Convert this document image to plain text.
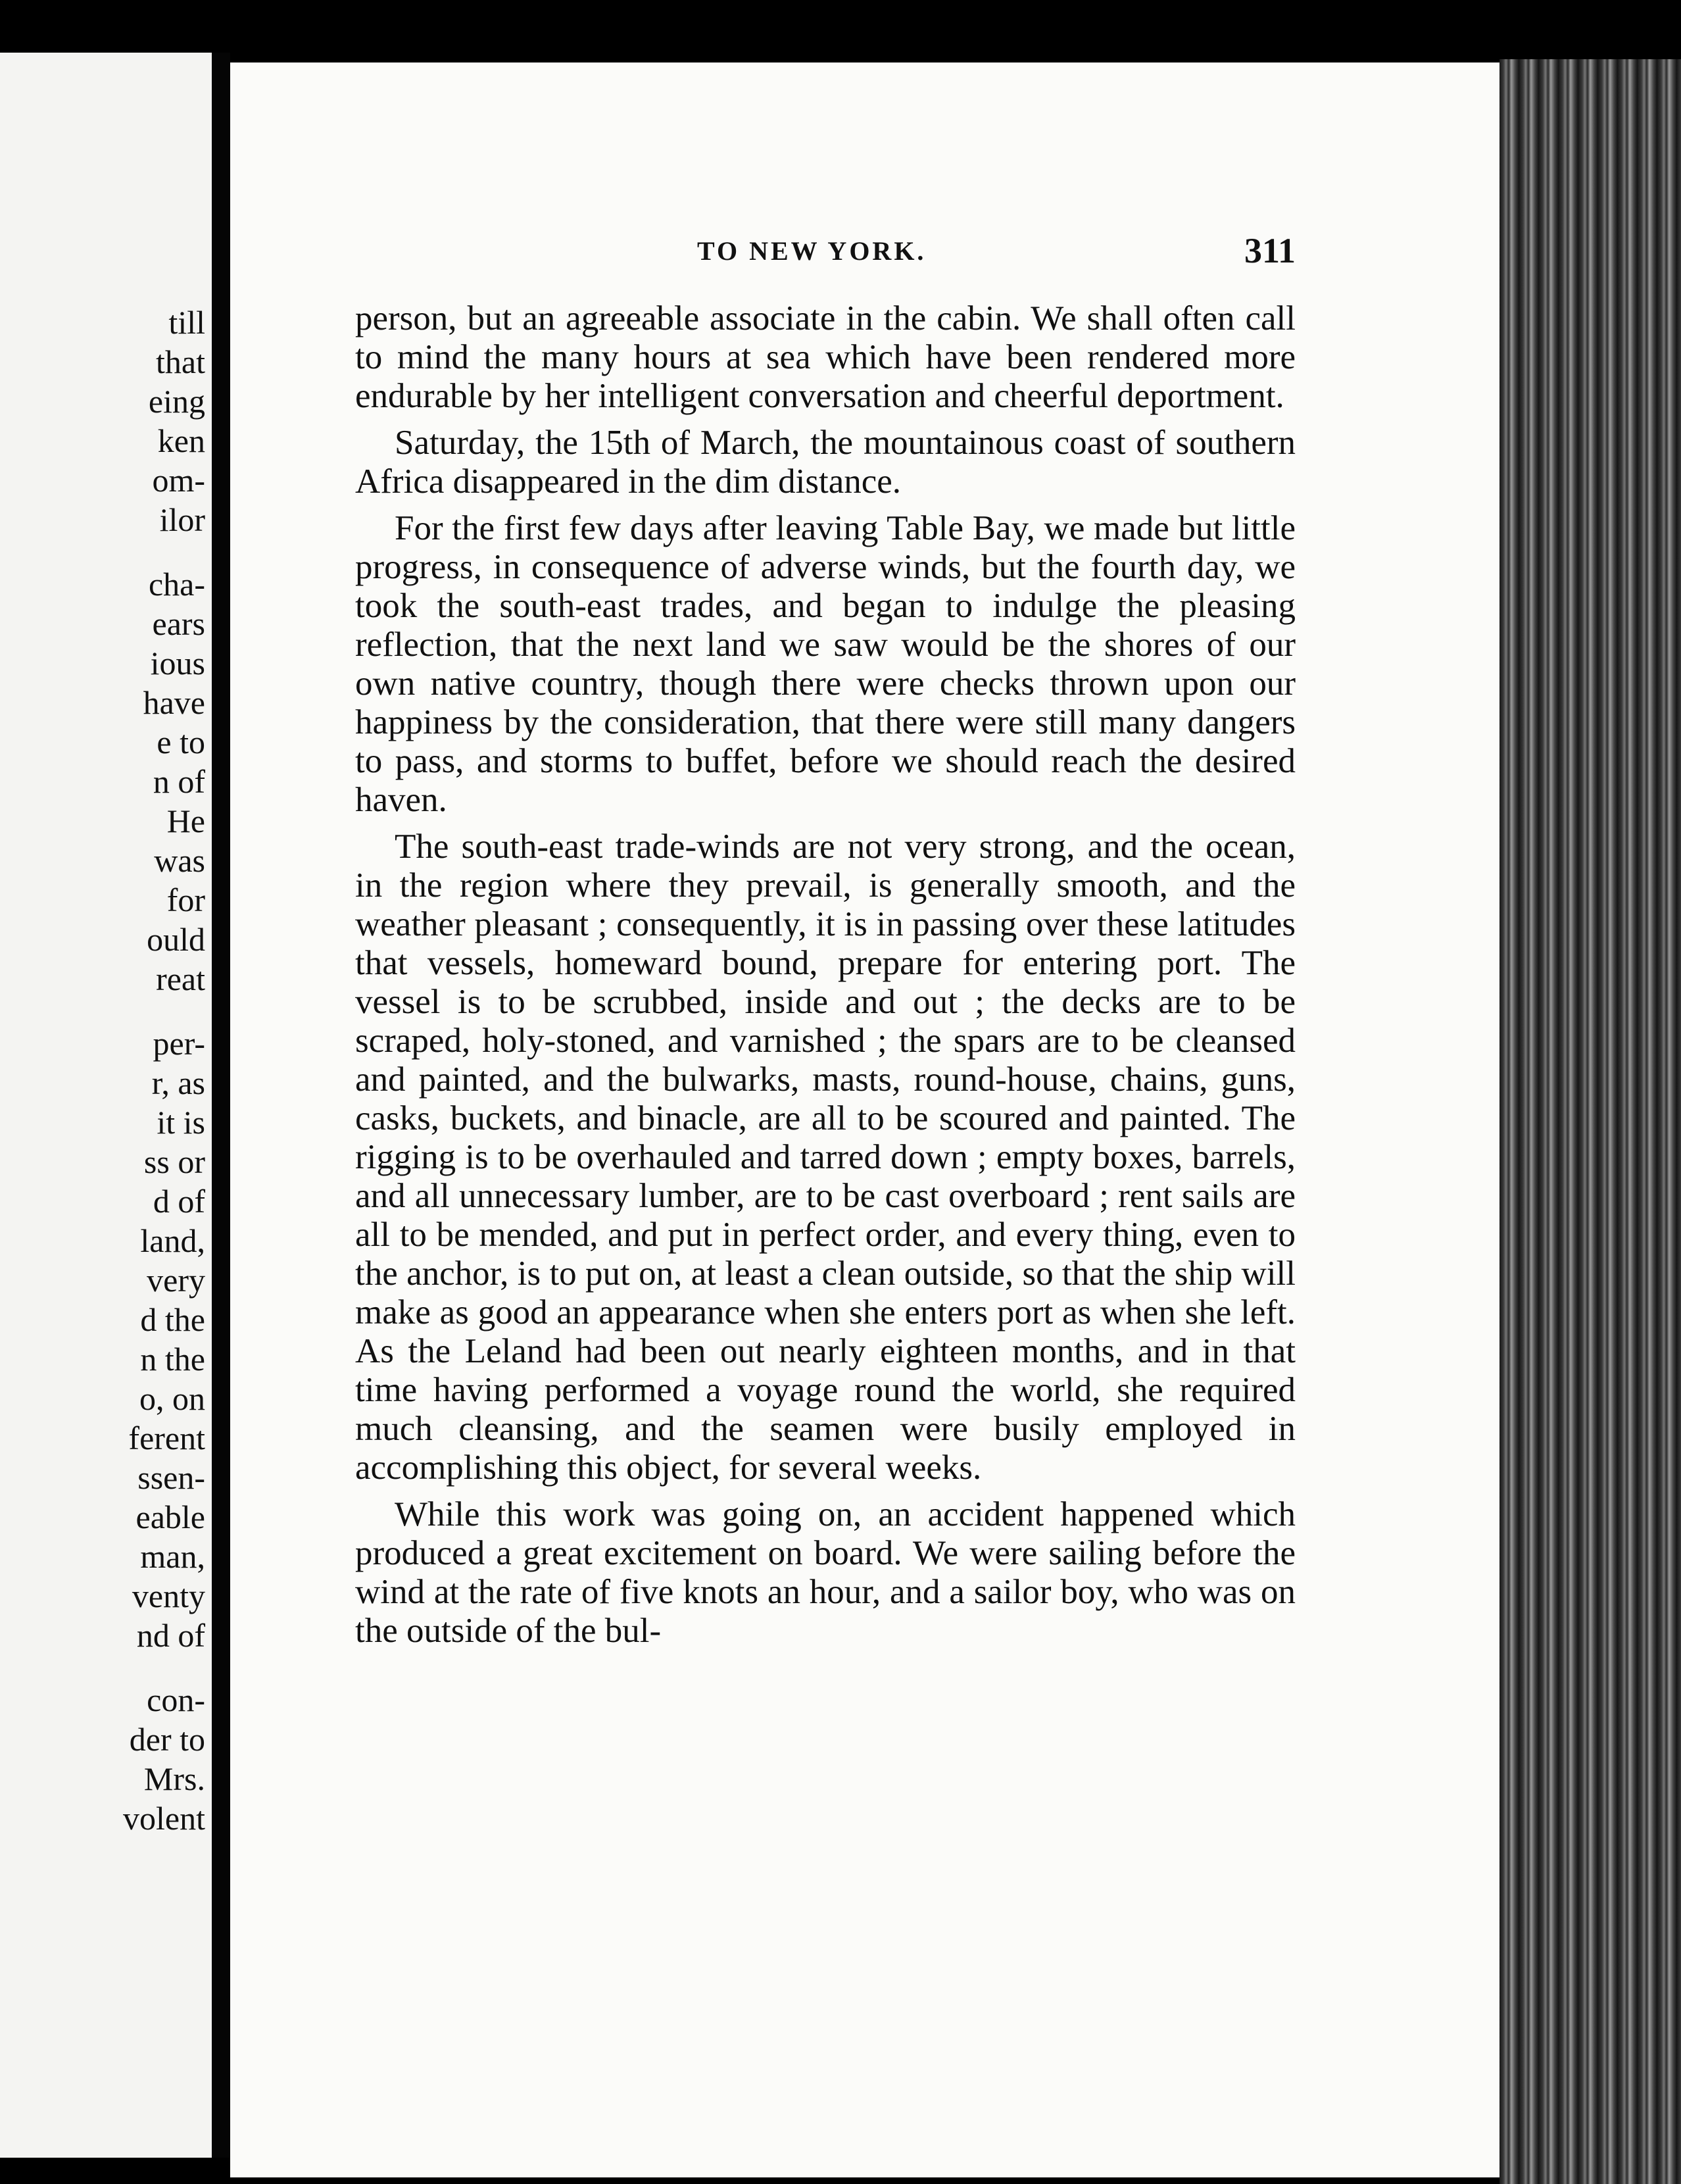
till
that
eing
ken
om-
ilor
cha-
ears
ious
have
e to
n of
He
was
for
ould
reat
per-
r, as
it is
ss or
d of
land,
very
d the
n the
o, on
ferent
ssen-
eable
man,
venty
nd of
con-
der to
Mrs.
volent
TO NEW YORK.	311

person, but an agreeable associate in the cabin. We shall often call to mind the many hours at sea which have been rendered more endurable by her intelligent conversation and cheerful deportment.

Saturday, the 15th of March, the mountainous coast of southern Africa disappeared in the dim distance.

For the first few days after leaving Table Bay, we made but little progress, in consequence of adverse winds, but the fourth day, we took the south-east trades, and began to indulge the pleasing reflection, that the next land we saw would be the shores of our own native country, though there were checks thrown upon our happiness by the consideration, that there were still many dangers to pass, and storms to buffet, before we should reach the desired haven.

The south-east trade-winds are not very strong, and the ocean, in the region where they prevail, is generally smooth, and the weather pleasant ; consequently, it is in passing over these latitudes that vessels, homeward bound, prepare for entering port. The vessel is to be scrubbed, inside and out ; the decks are to be scraped, holy-stoned, and varnished ; the spars are to be cleansed and painted, and the bulwarks, masts, round-house, chains, guns, casks, buckets, and binacle, are all to be scoured and painted. The rigging is to be overhauled and tarred down ; empty boxes, barrels, and all unnecessary lumber, are to be cast overboard ; rent sails are all to be mended, and put in perfect order, and every thing, even to the anchor, is to put on, at least a clean outside, so that the ship will make as good an appearance when she enters port as when she left. As the Leland had been out nearly eighteen months, and in that time having performed a voyage round the world, she required much cleansing, and the seamen were busily employed in accomplishing this object, for several weeks.

While this work was going on, an accident happened which produced a great excitement on board. We were sailing before the wind at the rate of five knots an hour, and a sailor boy, who was on the outside of the bul-
